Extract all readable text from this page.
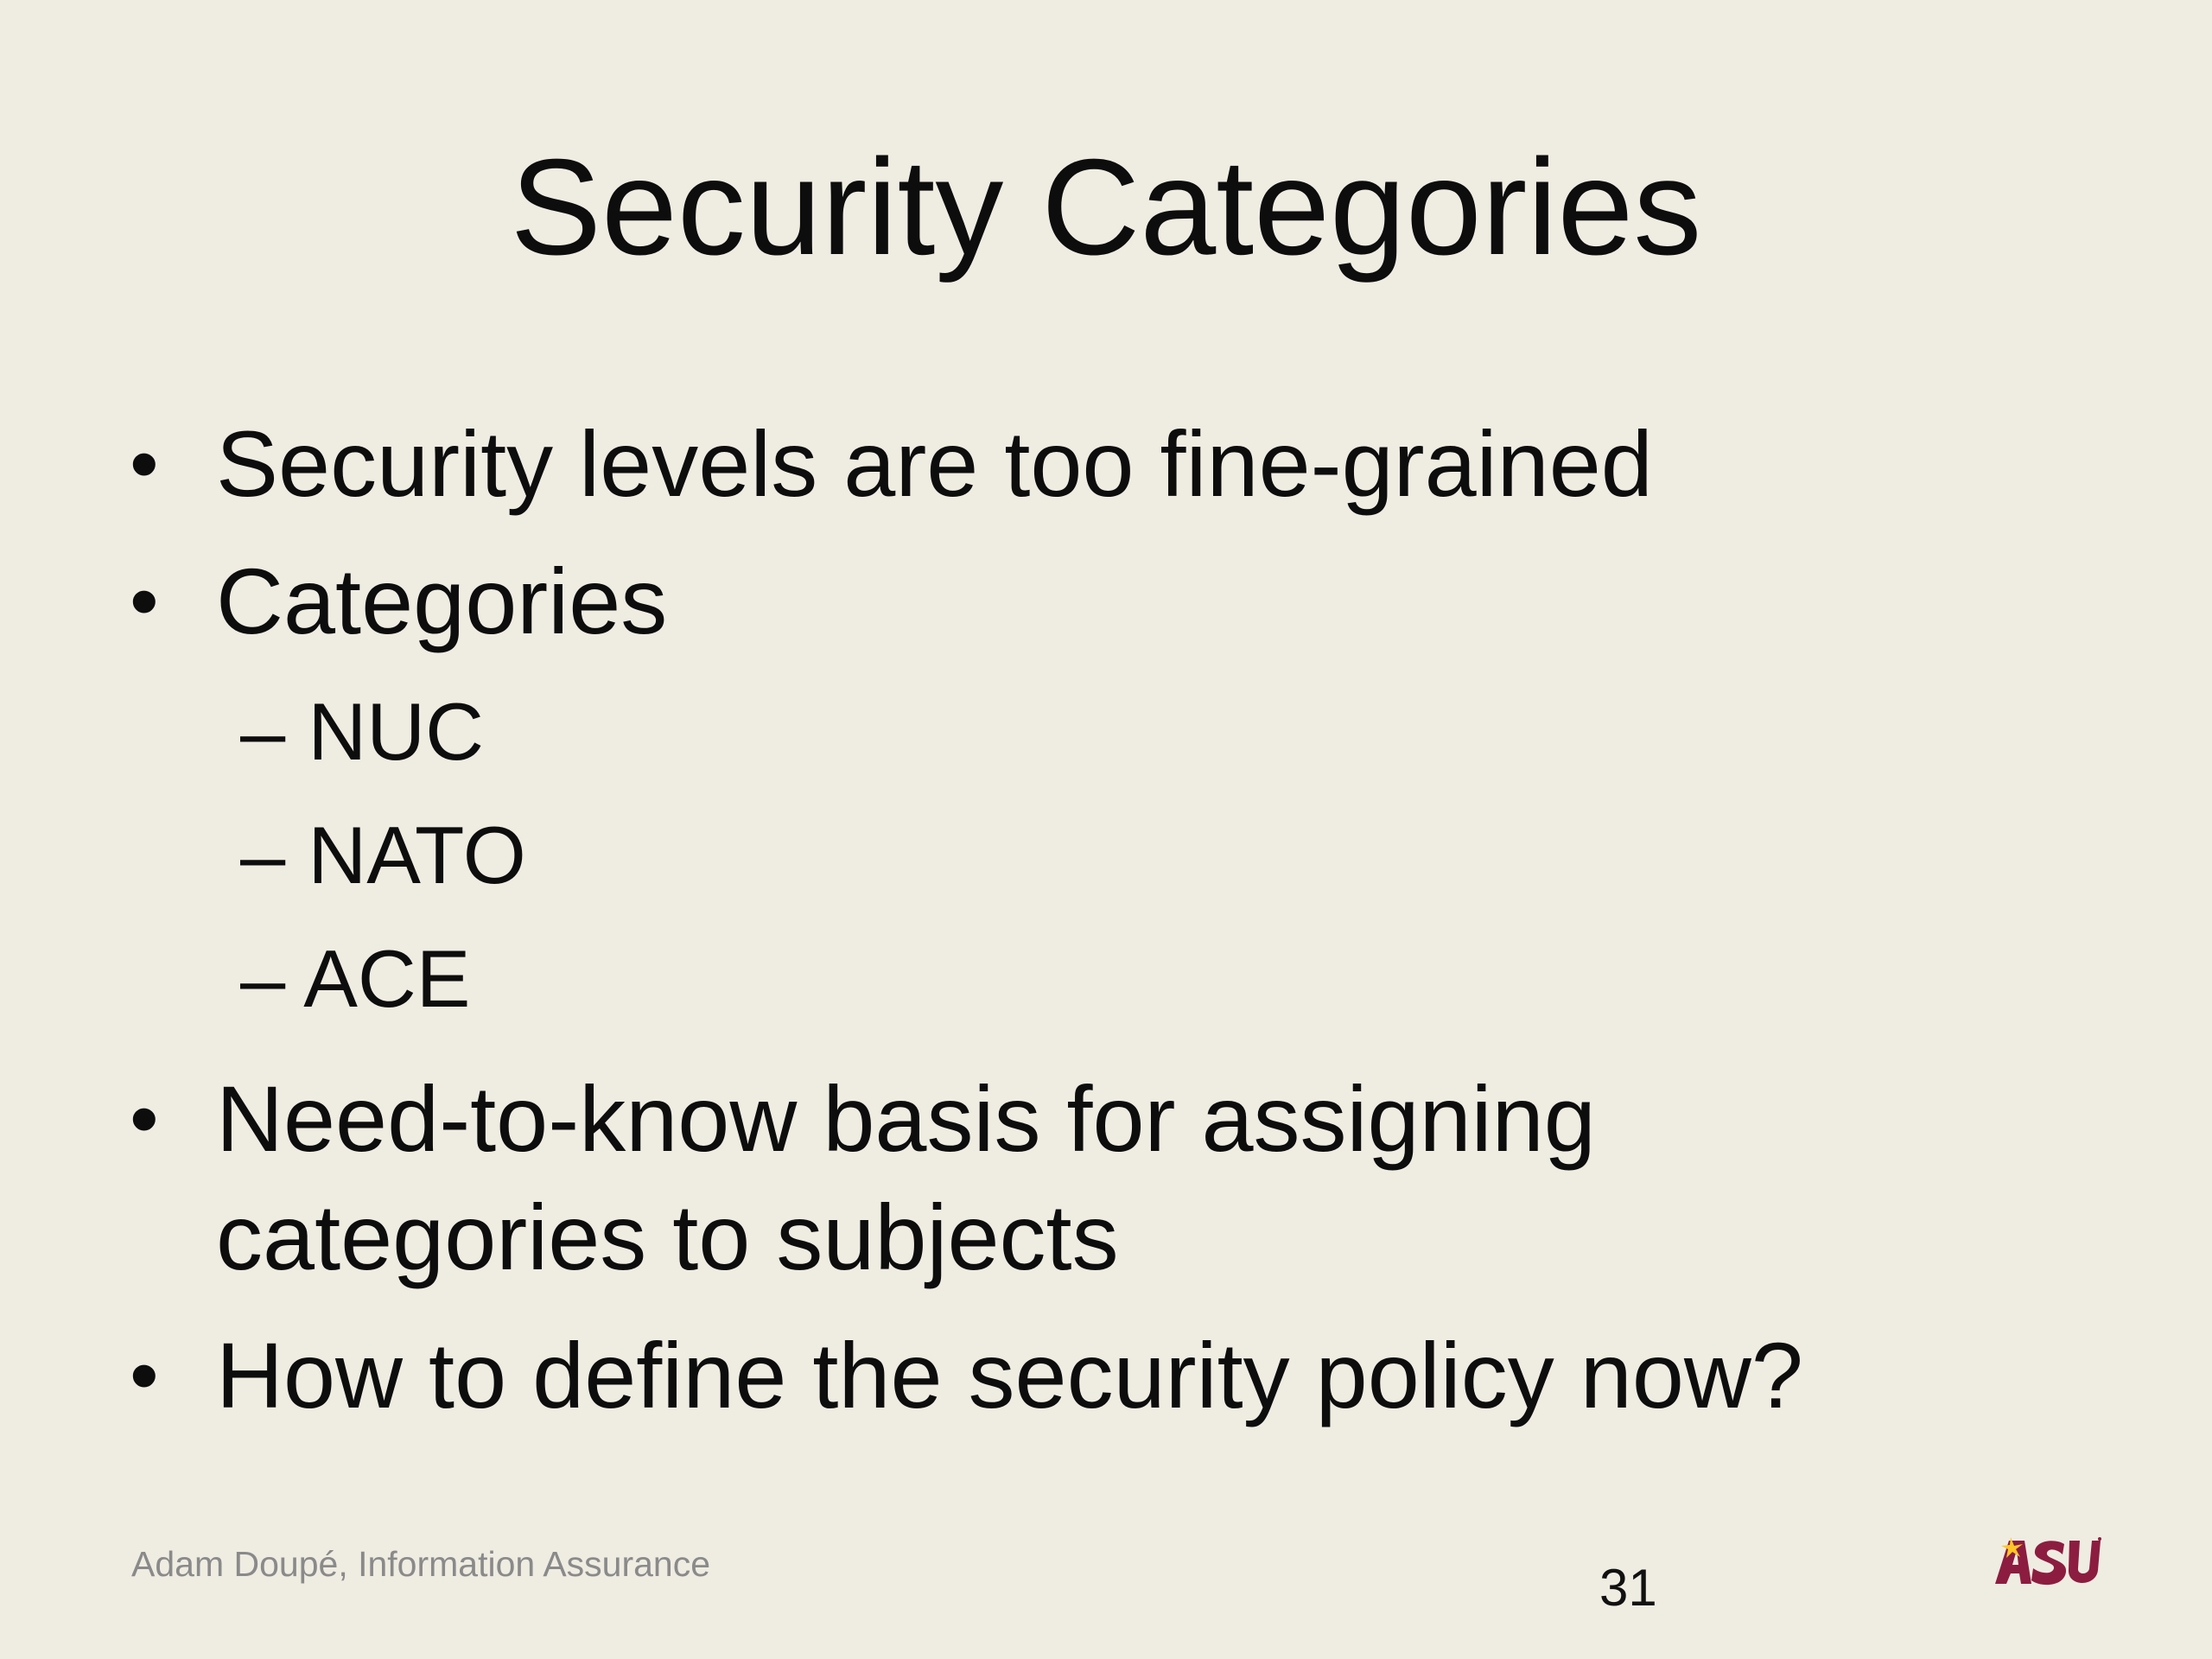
Security Categories
• Security levels are too fine-grained
• Categories
– NUC
– NATO
– ACE
• Need-to-know basis for assigning
categories to subjects
• How to define the security policy now?
Adam Doupé, Information Assurance	31
